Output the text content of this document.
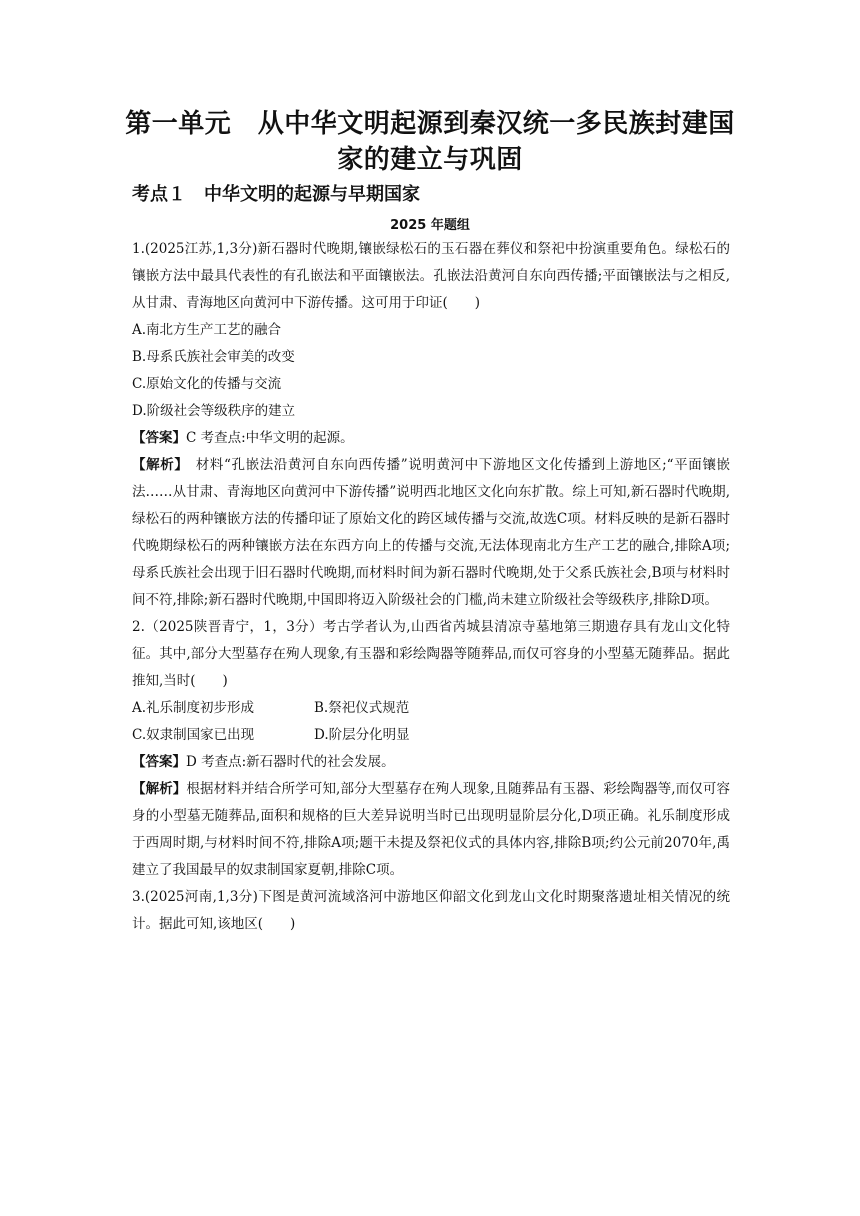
第一单元　从中华文明起源到秦汉统一多民族封建国
家的建立与巩固
考点１　中华文明的起源与早期国家
2025 年题组

1.(2025江苏,1,3分)新石器时代晚期,镶嵌绿松石的玉石器在葬仪和祭祀中扮演重要角色。绿松石的镶嵌方法中最具代表性的有孔嵌法和平面镶嵌法。孔嵌法沿黄河自东向西传播;平面镶嵌法与之相反,从甘肃、青海地区向黄河中下游传播。这可用于印证(　　)

A.南北方生产工艺的融合

B.母系氏族社会审美的改变

C.原始文化的传播与交流

D.阶级社会等级秩序的建立

【答案】C 考查点:中华文明的起源。

【解析】　材料“孔嵌法沿黄河自东向西传播”说明黄河中下游地区文化传播到上游地区;“平面镶嵌法……从甘肃、青海地区向黄河中下游传播”说明西北地区文化向东扩散。综上可知,新石器时代晚期,绿松石的两种镶嵌方法的传播印证了原始文化的跨区域传播与交流,故选C项。材料反映的是新石器时代晚期绿松石的两种镶嵌方法在东西方向上的传播与交流,无法体现南北方生产工艺的融合,排除A项;母系氏族社会出现于旧石器时代晚期,而材料时间为新石器时代晚期,处于父系氏族社会,B项与材料时间不符,排除;新石器时代晚期,中国即将迈入阶级社会的门槛,尚未建立阶级社会等级秩序,排除D项。

2.（2025陕晋青宁，1，3分）考古学者认为,山西省芮城县清凉寺墓地第三期遗存具有龙山文化特征。其中,部分大型墓存在殉人现象,有玉器和彩绘陶器等随葬品,而仅可容身的小型墓无随葬品。据此推知,当时(　　)

A.礼乐制度初步形成	B.祭祀仪式规范
C.奴隶制国家已出现	D.阶层分化明显

【答案】D 考查点:新石器时代的社会发展。

【解析】根据材料并结合所学可知,部分大型墓存在殉人现象,且随葬品有玉器、彩绘陶器等,而仅可容身的小型墓无随葬品,面积和规格的巨大差异说明当时已出现明显阶层分化,D项正确。礼乐制度形成于西周时期,与材料时间不符,排除A项;题干未提及祭祀仪式的具体内容,排除B项;约公元前2070年,禹建立了我国最早的奴隶制国家夏朝,排除C项。

3.(2025河南,1,3分)下图是黄河流域洛河中游地区仰韶文化到龙山文化时期聚落遗址相关情况的统计。据此可知,该地区(　　)
